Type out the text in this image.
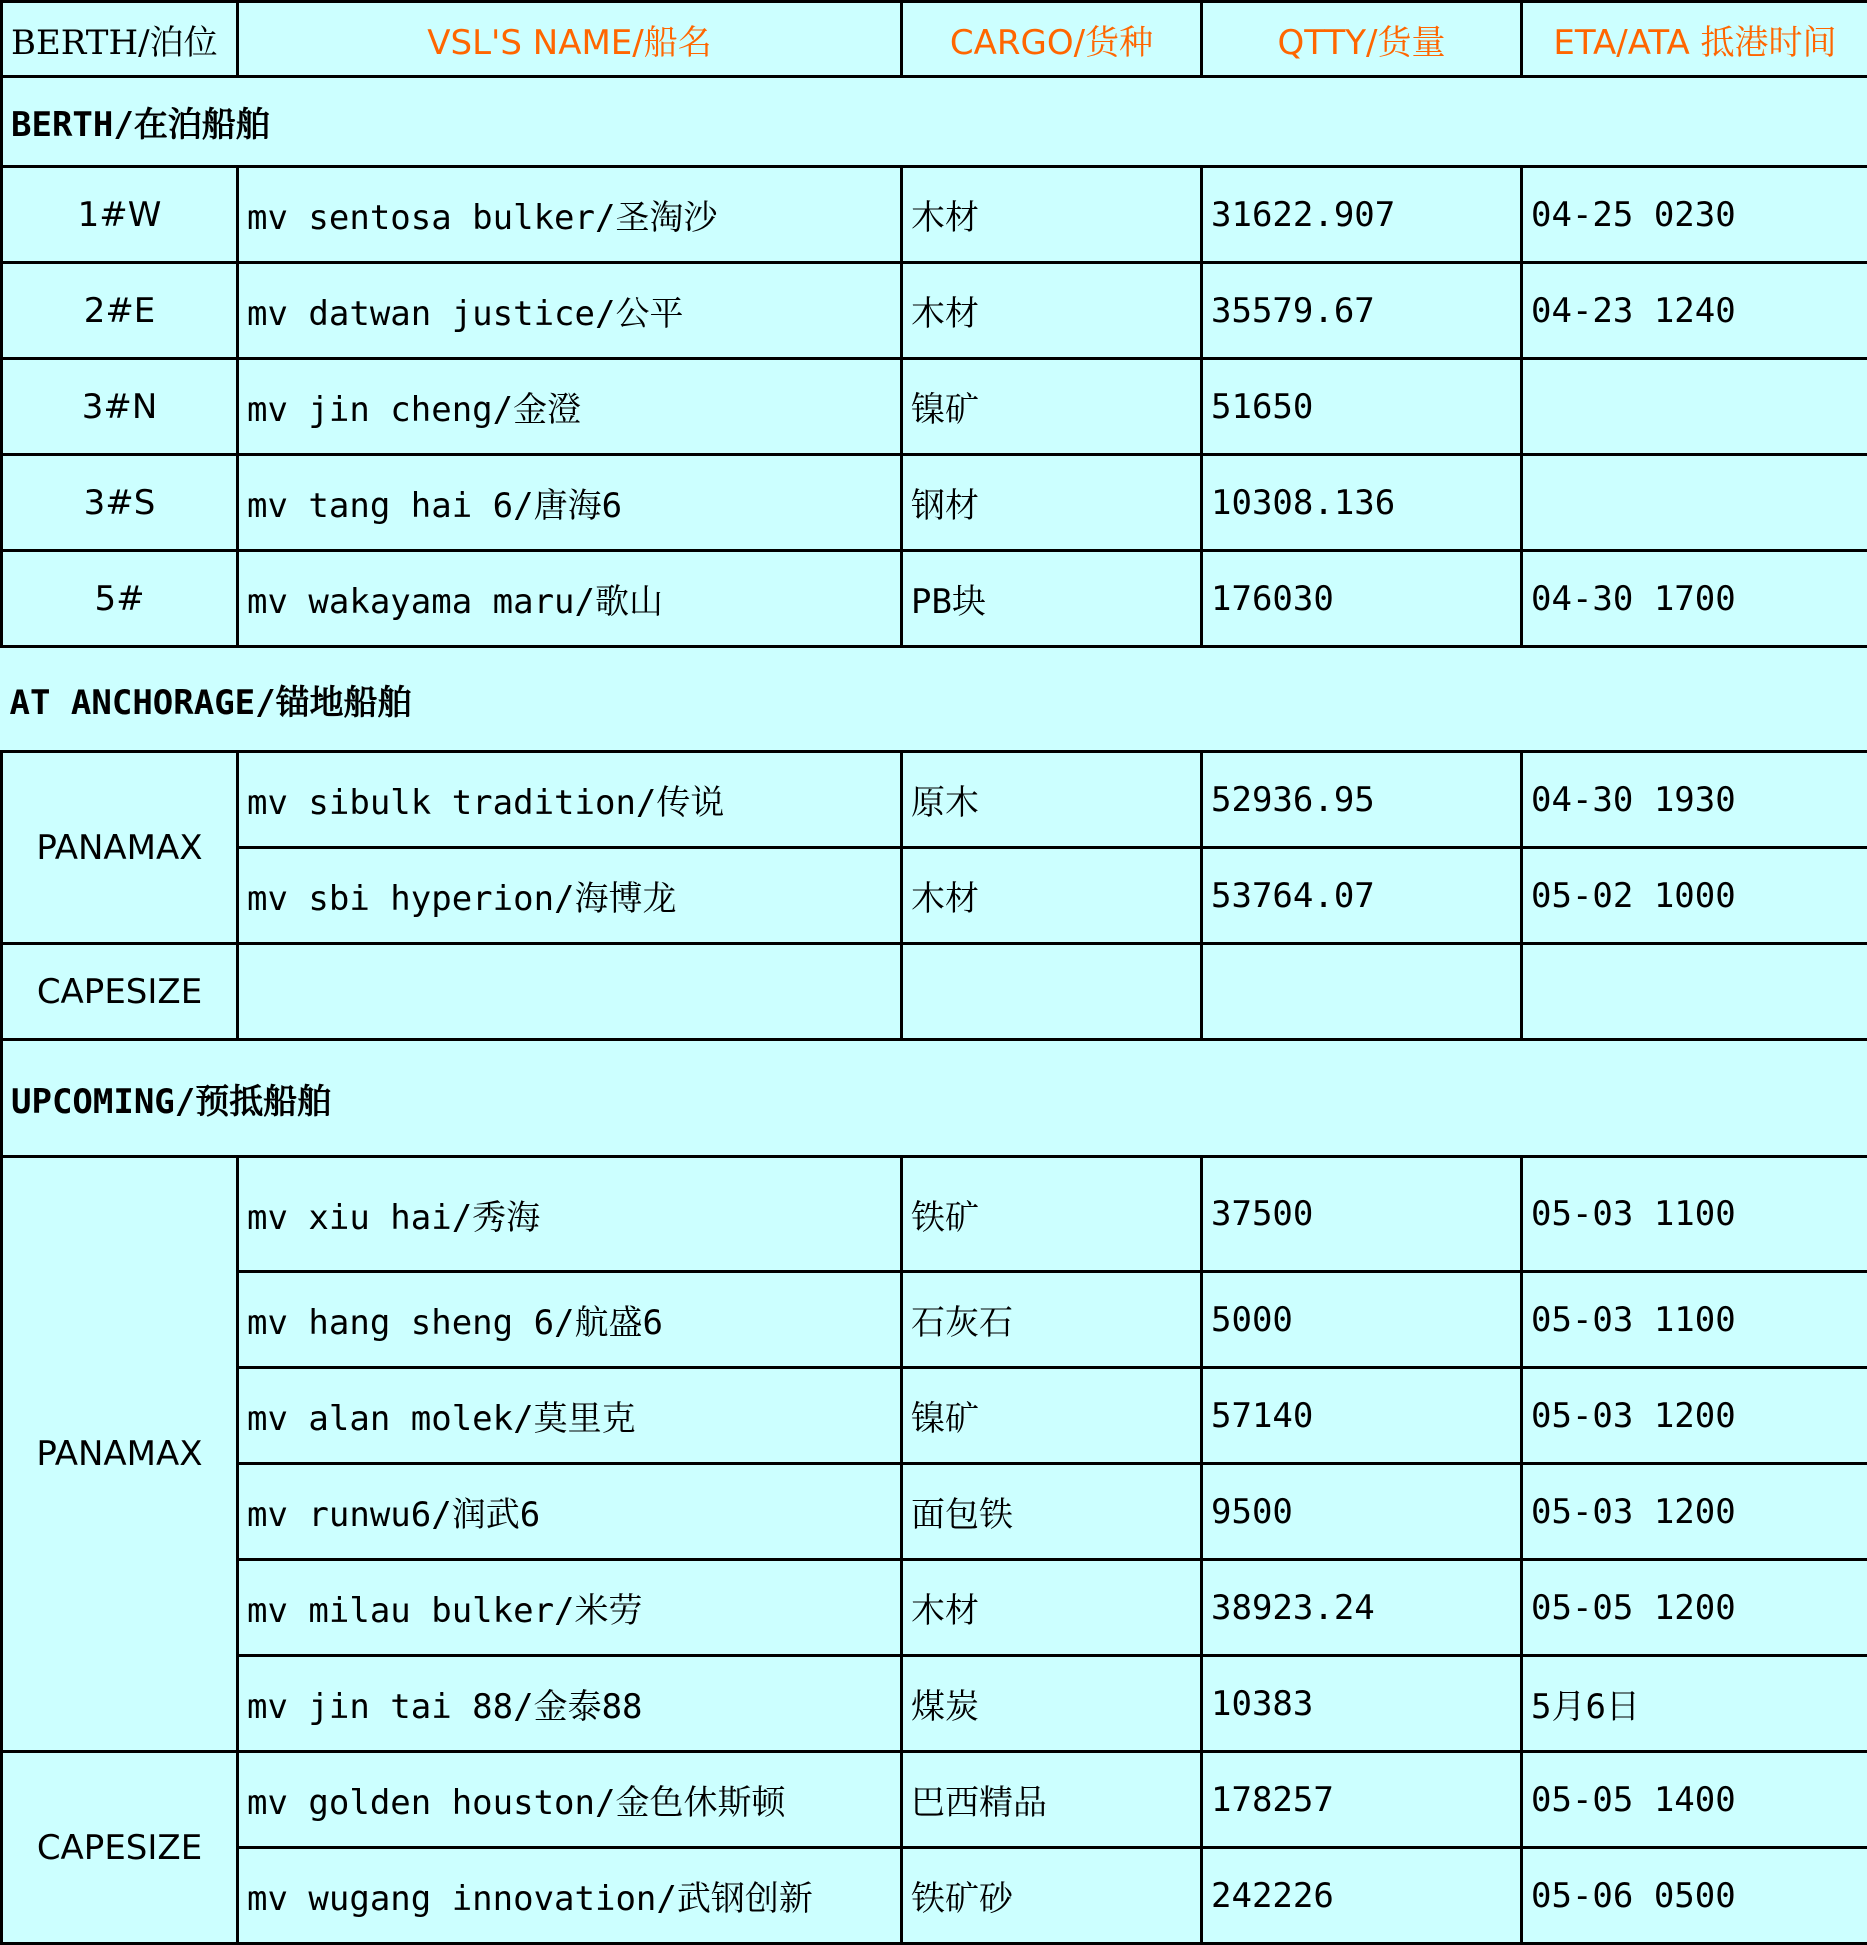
BERTH/泊位	VSL'S NAME/船名	CARGO/货种	QTTY/货量	ETA/ATA 抵港时间
BERTH/在泊船舶				
1#W	mv sentosa bulker/圣淘沙	木材	31622.907	04-25 0230
2#E	mv datwan justice/公平	木材	35579.67	04-23 1240
3#N	mv jin cheng/金澄	镍矿	51650	
3#S	mv tang hai 6/唐海6	钢材	10308.136	
5#	mv wakayama maru/歌山	PB块	176030	04-30 1700
AT ANCHORAGE/锚地船舶				
PANAMAX	mv sibulk tradition/传说	原木	52936.95	04-30 1930
	mv sbi hyperion/海博龙	木材	53764.07	05-02 1000
CAPESIZE				
UPCOMING/预抵船舶				
PANAMAX	mv xiu hai/秀海	铁矿	37500	05-03 1100
	mv hang sheng 6/航盛6	石灰石	5000	05-03 1100
	mv alan molek/莫里克	镍矿	57140	05-03 1200
	mv runwu6/润武6	面包铁	9500	05-03 1200
	mv milau bulker/米劳	木材	38923.24	05-05 1200
	mv jin tai 88/金泰88	煤炭	10383	5月6日
CAPESIZE	mv golden houston/金色休斯顿	巴西精品	178257	05-05 1400
	mv wugang innovation/武钢创新	铁矿砂	242226	05-06 0500
